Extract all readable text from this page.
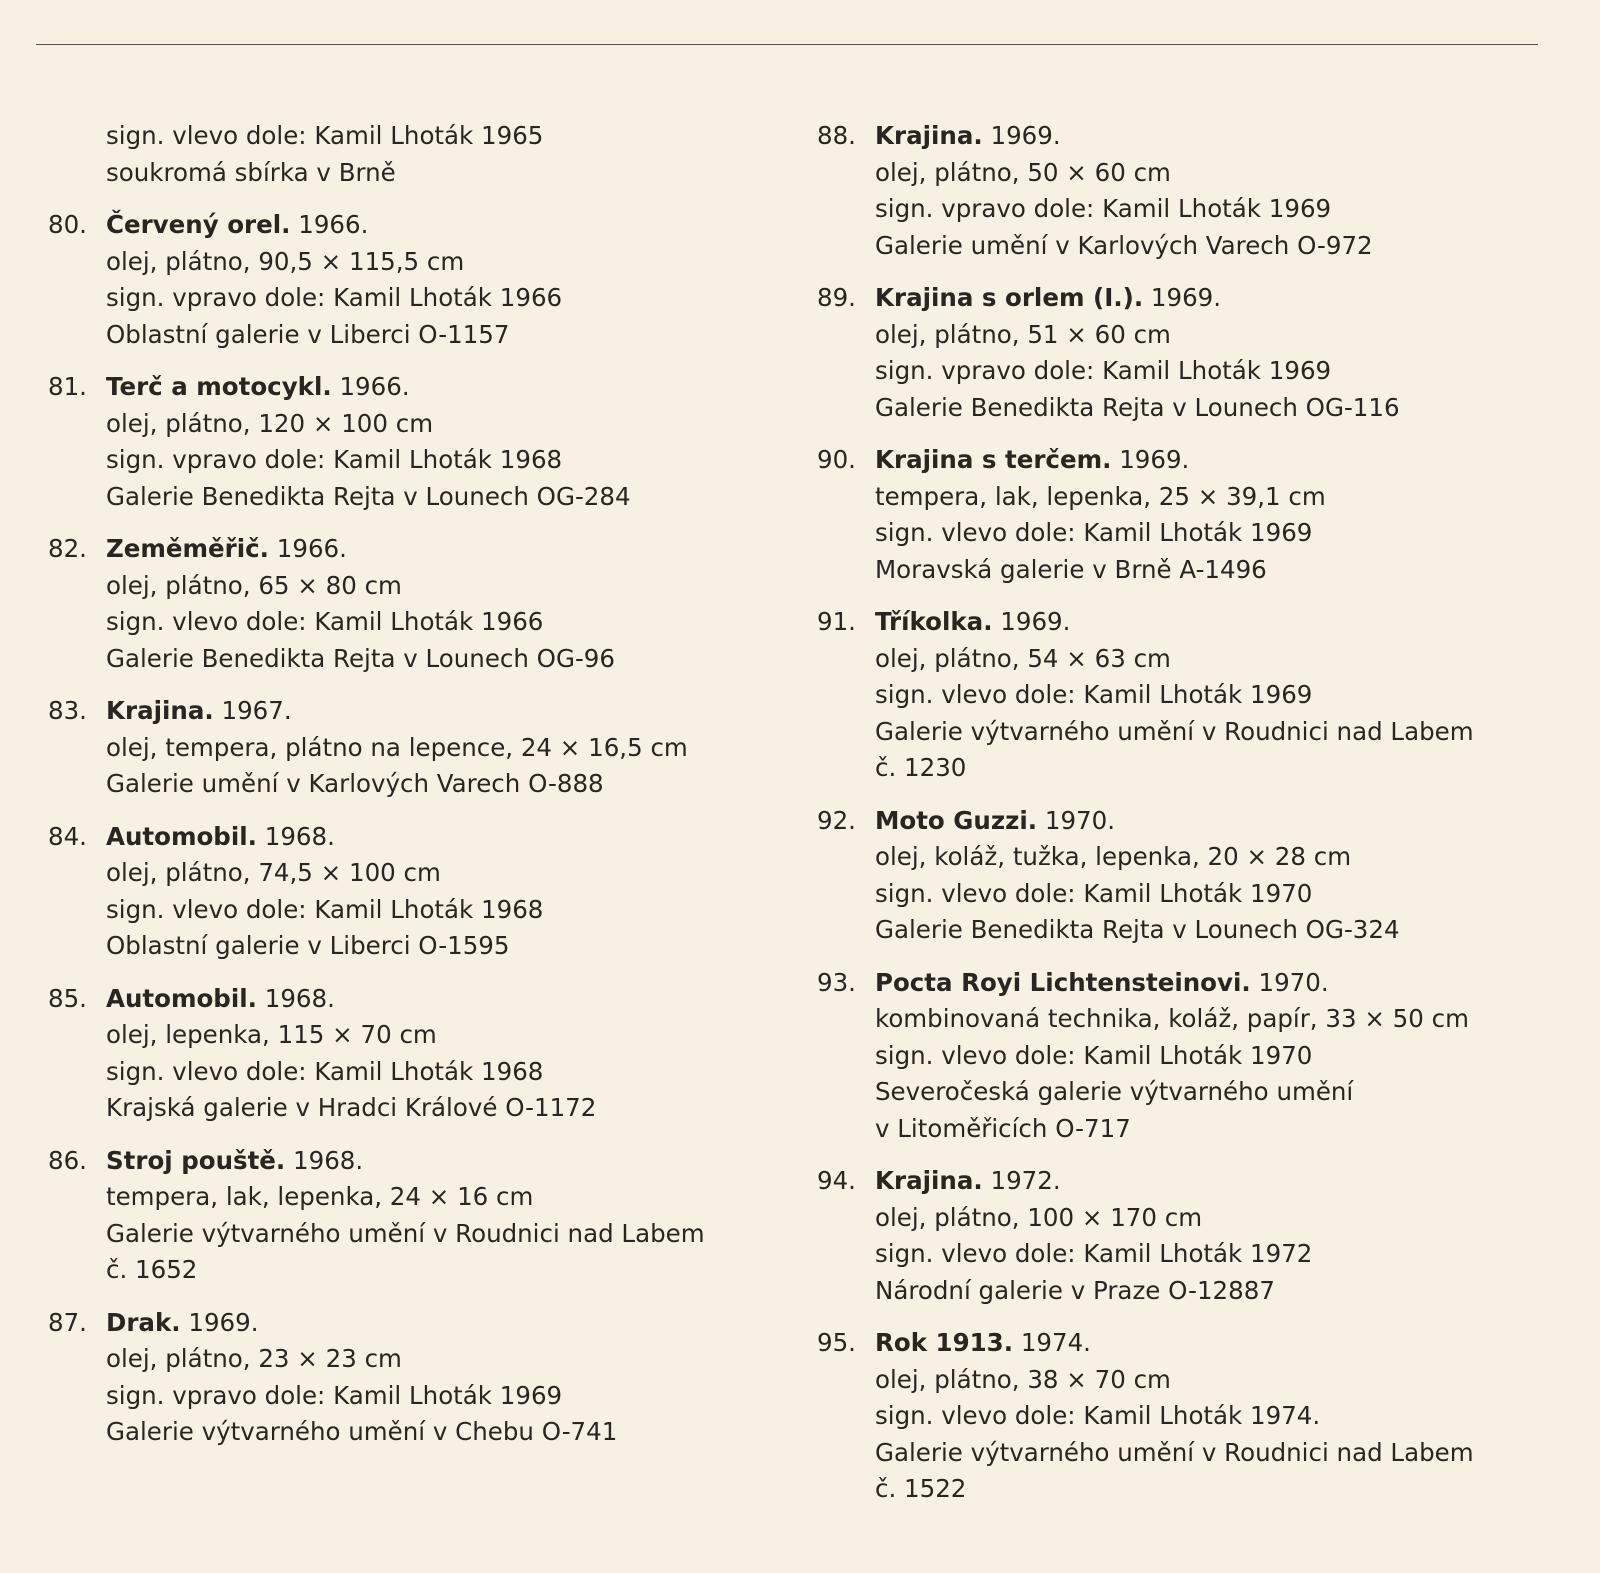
sign. vlevo dole: Kamil Lhoták 1965
soukromá sbírka v Brně
80. Červený orel. 1966.
olej, plátno, 90,5 × 115,5 cm
sign. vpravo dole: Kamil Lhoták 1966
Oblastní galerie v Liberci O-1157
81. Terč a motocykl. 1966.
olej, plátno, 120 × 100 cm
sign. vpravo dole: Kamil Lhoták 1968
Galerie Benedikta Rejta v Lounech OG-284
82. Zeměměřič. 1966.
olej, plátno, 65 × 80 cm
sign. vlevo dole: Kamil Lhoták 1966
Galerie Benedikta Rejta v Lounech OG-96
83. Krajina. 1967.
olej, tempera, plátno na lepence, 24 × 16,5 cm
Galerie umění v Karlových Varech O-888
84. Automobil. 1968.
olej, plátno, 74,5 × 100 cm
sign. vlevo dole: Kamil Lhoták 1968
Oblastní galerie v Liberci O-1595
85. Automobil. 1968.
olej, lepenka, 115 × 70 cm
sign. vlevo dole: Kamil Lhoták 1968
Krajská galerie v Hradci Králové O-1172
86. Stroj pouště. 1968.
tempera, lak, lepenka, 24 × 16 cm
Galerie výtvarného umění v Roudnici nad Labem
č. 1652
87. Drak. 1969.
olej, plátno, 23 × 23 cm
sign. vpravo dole: Kamil Lhoták 1969
Galerie výtvarného umění v Chebu O-741
88. Krajina. 1969.
olej, plátno, 50 × 60 cm
sign. vpravo dole: Kamil Lhoták 1969
Galerie umění v Karlových Varech O-972
89. Krajina s orlem (I.). 1969.
olej, plátno, 51 × 60 cm
sign. vpravo dole: Kamil Lhoták 1969
Galerie Benedikta Rejta v Lounech OG-116
90. Krajina s terčem. 1969.
tempera, lak, lepenka, 25 × 39,1 cm
sign. vlevo dole: Kamil Lhoták 1969
Moravská galerie v Brně A-1496
91. Tříkolka. 1969.
olej, plátno, 54 × 63 cm
sign. vlevo dole: Kamil Lhoták 1969
Galerie výtvarného umění v Roudnici nad Labem
č. 1230
92. Moto Guzzi. 1970.
olej, koláž, tužka, lepenka, 20 × 28 cm
sign. vlevo dole: Kamil Lhoták 1970
Galerie Benedikta Rejta v Lounech OG-324
93. Pocta Royi Lichtensteinovi. 1970.
kombinovaná technika, koláž, papír, 33 × 50 cm
sign. vlevo dole: Kamil Lhoták 1970
Severočeská galerie výtvarného umění
v Litoměřicích O-717
94. Krajina. 1972.
olej, plátno, 100 × 170 cm
sign. vlevo dole: Kamil Lhoták 1972
Národní galerie v Praze O-12887
95. Rok 1913. 1974.
olej, plátno, 38 × 70 cm
sign. vlevo dole: Kamil Lhoták 1974.
Galerie výtvarného umění v Roudnici nad Labem
č. 1522
